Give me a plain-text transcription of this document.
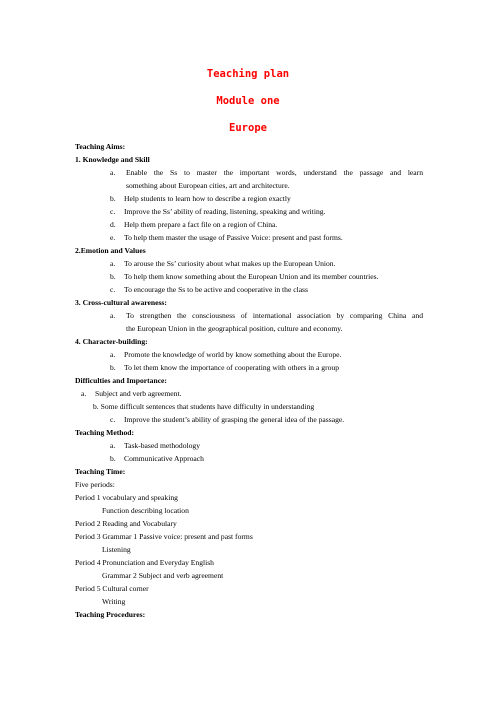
Teaching plan
Module one
Europe
Teaching Aims:
1. Knowledge and Skill
a.	Enable the Ss to master the important words, understand the passage and learn
something about European cities, art and architecture.
b. Help students to learn how to describe a region exactly
c. Improve the Ss’ ability of reading, listening, speaking and writing.
d. Help them prepare a fact file on a region of China.
e. To help them master the usage of Passive Voice: present and past forms.
2.Emotion and Values
a. To arouse the Ss’ curiosity about what makes up the European Union.
b. To help them know something about the European Union and its member countries.
c. To encourage the Ss to be active and cooperative in the class
3. Cross-cultural awareness:
a.	To strengthen the consciousness of international association by comparing China and
the European Union in the geographical position, culture and economy.
4. Character-building:
a. Promote the knowledge of world by know something about the Europe.
b. To let them know the importance of cooperating with others in a group
Difficulties and Importance:
a. Subject and verb agreement.
b. Some difficult sentences that students have difficulty in understanding
c. Improve the student’s ability of grasping the general idea of the passage.
Teaching Method:
a. Task-based methodology
b. Communicative Approach
Teaching Time:
Five periods:
Period 1 vocabulary and speaking
Function describing location
Period 2 Reading and Vocabulary
Period 3 Grammar 1 Passive voice: present and past forms
Listening
Period 4 Pronunciation and Everyday English
Grammar 2 Subject and verb agreement
Period 5 Cultural corner
Writing
Teaching Procedures:
